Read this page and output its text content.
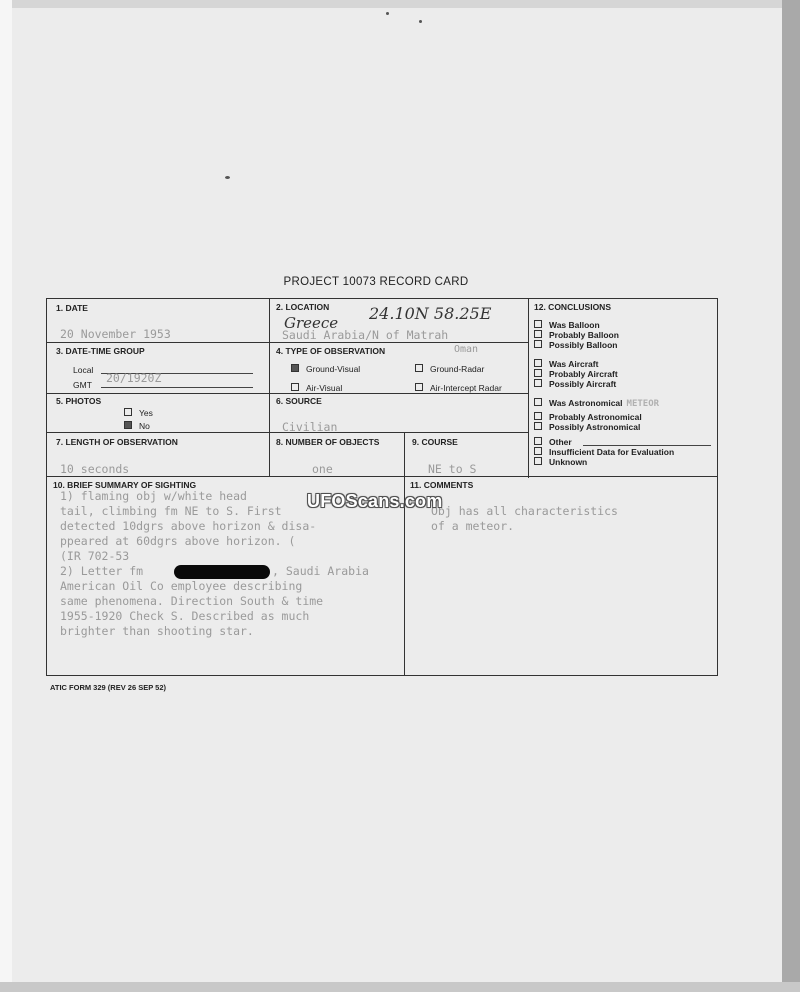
PROJECT 10073 RECORD CARD
1. DATE
20 November 1953
2. LOCATION
Greece 24.10N 58.25E
Saudi Arabia/N of Matrah
Oman
3. DATE-TIME GROUP
Local
GMT 20/1920Z
4. TYPE OF OBSERVATION
Ground-Visual	Ground-Radar
Air-Visual	Air-Intercept Radar
5. PHOTOS
Yes
No
6. SOURCE
Civilian
7. LENGTH OF OBSERVATION
10 seconds
8. NUMBER OF OBJECTS
one
9. COURSE
NE to S
10. BRIEF SUMMARY OF SIGHTING
1) flaming obj w/white head
tail, climbing fm NE to S. First
detected 10dgrs above horizon & disa-
ppeared at 60dgrs above horizon. (
(IR 702-53
2) Letter fm	, Saudi Arabia
American Oil Co employee describing
same phenomena. Direction South & time
1955-1920 Check S. Described as much
brighter than shooting star.
11. COMMENTS
Obj has all characteristics
of a meteor.
12. CONCLUSIONS
Was Balloon
Probably Balloon
Possibly Balloon
Was Aircraft
Probably Aircraft
Possibly Aircraft
Was Astronomical METEOR
Probably Astronomical
Possibly Astronomical
Other
Insufficient Data for Evaluation
Unknown
UFOScans.com
ATIC FORM 329 (REV 26 SEP 52)
